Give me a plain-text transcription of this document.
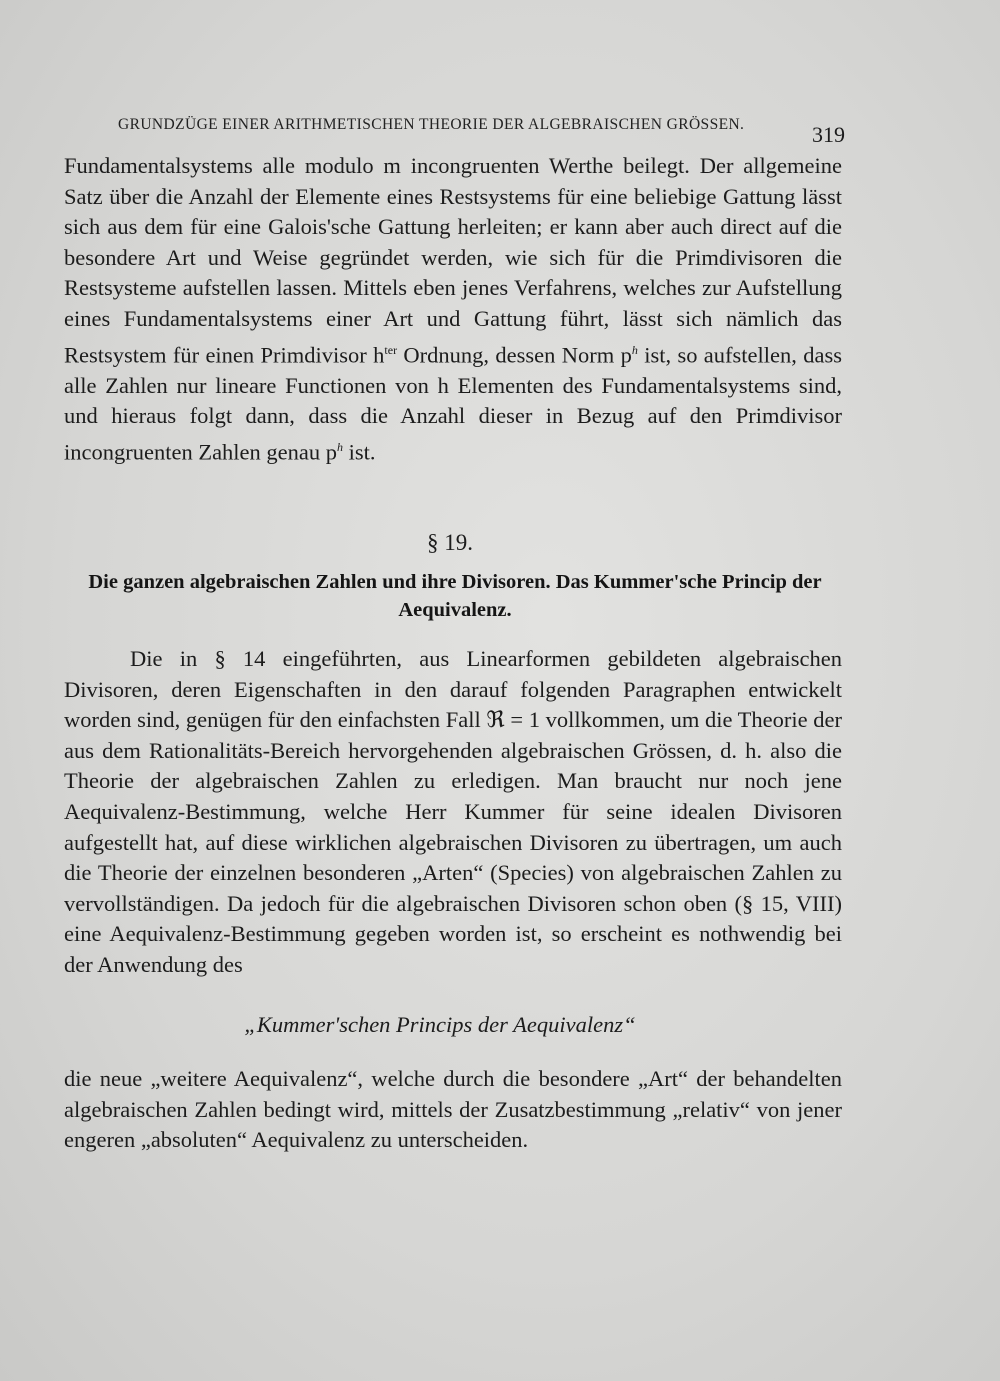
GRUNDZÜGE EINER ARITHMETISCHEN THEORIE DER ALGEBRAISCHEN GRÖSSEN.	319
Fundamentalsystems alle modulo m incongruenten Werthe beilegt. Der allgemeine Satz über die Anzahl der Elemente eines Restsystems für eine beliebige Gattung lässt sich aus dem für eine Galois'sche Gattung herleiten; er kann aber auch direct auf die besondere Art und Weise gegründet werden, wie sich für die Primdivisoren die Restsysteme aufstellen lassen. Mittels eben jenes Verfahrens, welches zur Aufstellung eines Fundamentalsystems einer Art und Gattung führt, lässt sich nämlich das Restsystem für einen Primdivisor $h^{ter}$ Ordnung, dessen Norm $p^h$ ist, so aufstellen, dass alle Zahlen nur lineare Functionen von h Elementen des Fundamentalsystems sind, und hieraus folgt dann, dass die Anzahl dieser in Bezug auf den Primdivisor incongruenten Zahlen genau $p^h$ ist.
§ 19.
Die ganzen algebraischen Zahlen und ihre Divisoren. Das Kummer'sche Princip der Aequivalenz.
Die in § 14 eingeführten, aus Linearformen gebildeten algebraischen Divisoren, deren Eigenschaften in den darauf folgenden Paragraphen entwickelt worden sind, genügen für den einfachsten Fall ℜ = 1 vollkommen, um die Theorie der aus dem Rationalitäts-Bereich hervorgehenden algebraischen Grössen, d. h. also die Theorie der algebraischen Zahlen zu erledigen. Man braucht nur noch jene Aequivalenz-Bestimmung, welche Herr Kummer für seine idealen Divisoren aufgestellt hat, auf diese wirklichen algebraischen Divisoren zu übertragen, um auch die Theorie der einzelnen besonderen „Arten“ (Species) von algebraischen Zahlen zu vervollständigen. Da jedoch für die algebraischen Divisoren schon oben (§ 15, VIII) eine Aequivalenz-Bestimmung gegeben worden ist, so erscheint es nothwendig bei der Anwendung des
„Kummer'schen Princips der Aequivalenz“
die neue „weitere Aequivalenz“, welche durch die besondere „Art“ der behandelten algebraischen Zahlen bedingt wird, mittels der Zusatzbestimmung „relativ“ von jener engeren „absoluten“ Aequivalenz zu unterscheiden.
